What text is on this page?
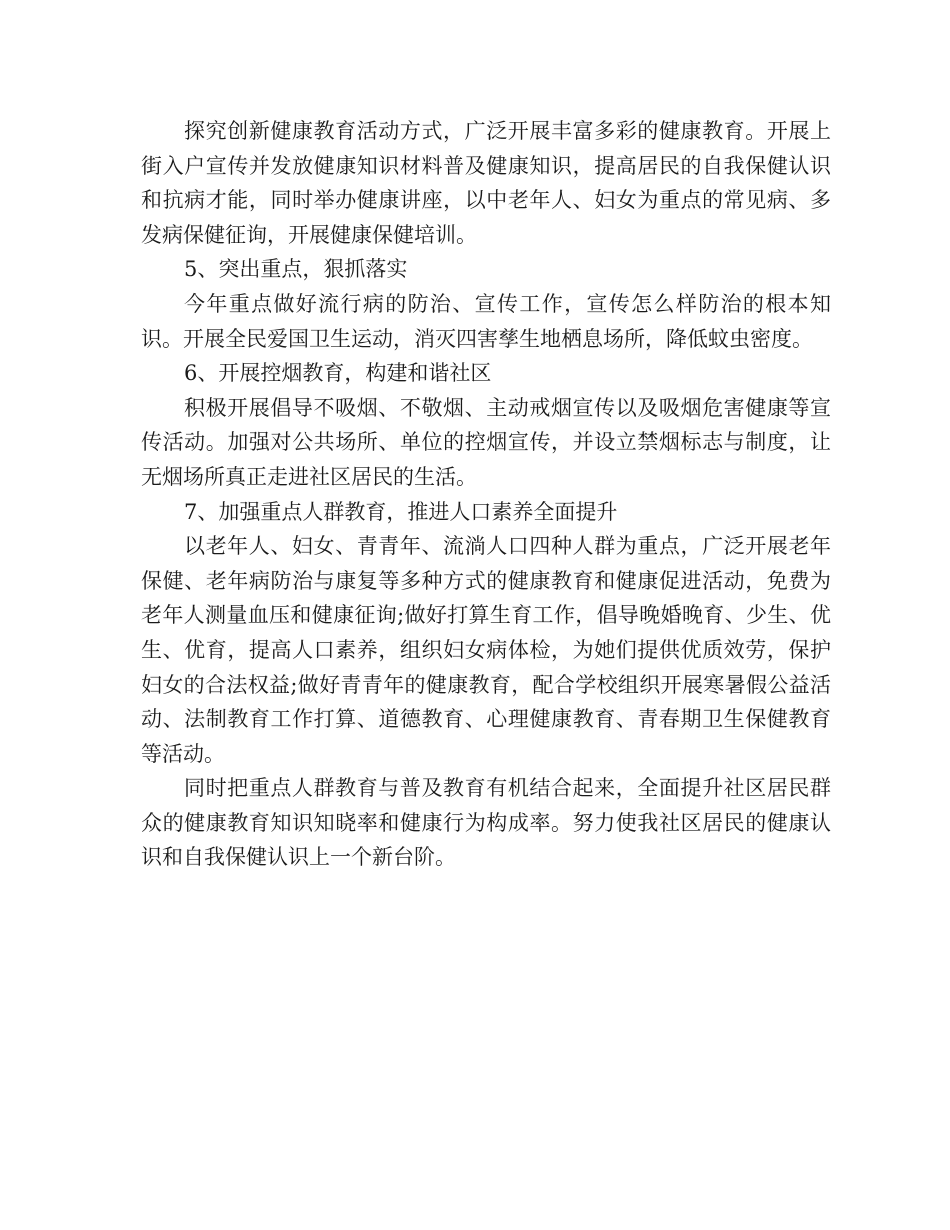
探究创新健康教育活动方式，广泛开展丰富多彩的健康教育。开展上街入户宣传并发放健康知识材料普及健康知识，提高居民的自我保健认识和抗病才能，同时举办健康讲座，以中老年人、妇女为重点的常见病、多发病保健征询，开展健康保健培训。

5、突出重点，狠抓落实

今年重点做好流行病的防治、宣传工作，宣传怎么样防治的根本知识。开展全民爱国卫生运动，消灭四害孳生地栖息场所，降低蚊虫密度。

6、开展控烟教育，构建和谐社区

积极开展倡导不吸烟、不敬烟、主动戒烟宣传以及吸烟危害健康等宣传活动。加强对公共场所、单位的控烟宣传，并设立禁烟标志与制度，让无烟场所真正走进社区居民的生活。

7、加强重点人群教育，推进人口素养全面提升

以老年人、妇女、青青年、流淌人口四种人群为重点，广泛开展老年保健、老年病防治与康复等多种方式的健康教育和健康促进活动，免费为老年人测量血压和健康征询;做好打算生育工作，倡导晚婚晚育、少生、优生、优育，提高人口素养，组织妇女病体检，为她们提供优质效劳，保护妇女的合法权益;做好青青年的健康教育，配合学校组织开展寒暑假公益活动、法制教育工作打算、道德教育、心理健康教育、青春期卫生保健教育等活动。

同时把重点人群教育与普及教育有机结合起来，全面提升社区居民群众的健康教育知识知晓率和健康行为构成率。努力使我社区居民的健康认识和自我保健认识上一个新台阶。
